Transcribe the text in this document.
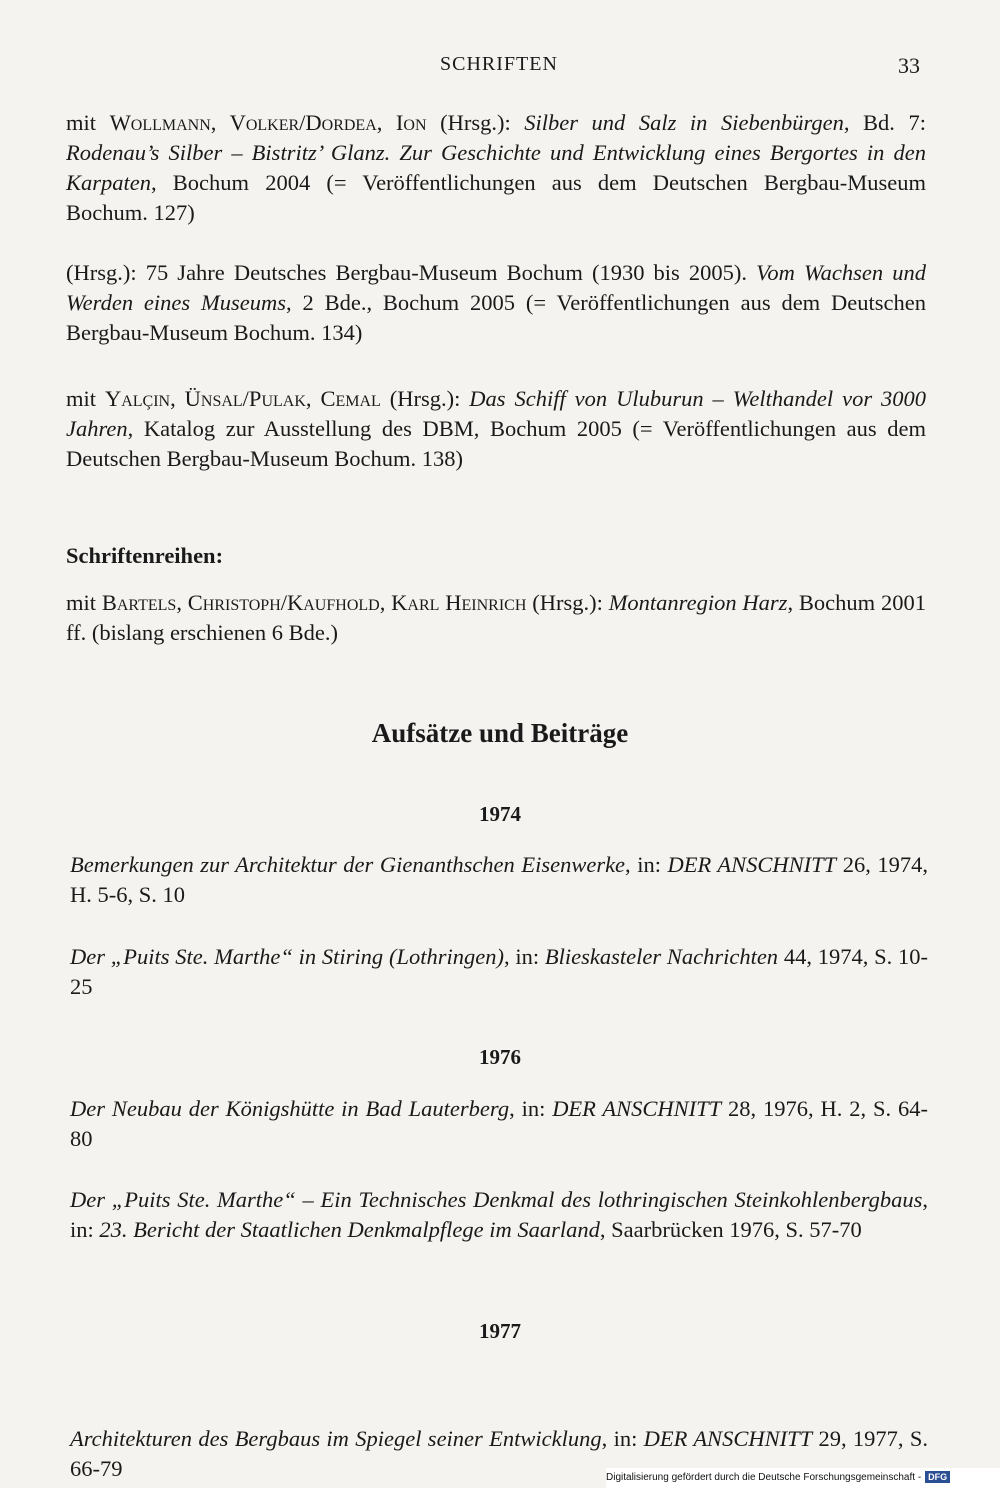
SCHRIFTEN	33
mit Wollmann, Volker/Dordea, Ion (Hrsg.): Silber und Salz in Siebenbürgen, Bd. 7: Rodenau’s Silber – Bistritz’ Glanz. Zur Geschichte und Entwicklung eines Bergortes in den Karpaten, Bochum 2004 (= Veröffentlichungen aus dem Deutschen Bergbau-Museum Bochum. 127)
(Hrsg.): 75 Jahre Deutsches Bergbau-Museum Bochum (1930 bis 2005). Vom Wachsen und Werden eines Museums, 2 Bde., Bochum 2005 (= Veröffentlichungen aus dem Deutschen Bergbau-Museum Bochum. 134)
mit Yalçin, Ünsal/Pulak, Cemal (Hrsg.): Das Schiff von Uluburun – Welthandel vor 3000 Jahren, Katalog zur Ausstellung des DBM, Bochum 2005 (= Veröffentlichungen aus dem Deutschen Bergbau-Museum Bochum. 138)
Schriftenreihen:
mit Bartels, Christoph/Kaufhold, Karl Heinrich (Hrsg.): Montanregion Harz, Bochum 2001 ff. (bislang erschienen 6 Bde.)
Aufsätze und Beiträge
1974
Bemerkungen zur Architektur der Gienanthschen Eisenwerke, in: DER ANSCHNITT 26, 1974, H. 5-6, S. 10
Der „Puits Ste. Marthe“ in Stiring (Lothringen), in: Blieskasteler Nachrichten 44, 1974, S. 10-25
1976
Der Neubau der Königshütte in Bad Lauterberg, in: DER ANSCHNITT 28, 1976, H. 2, S. 64-80
Der „Puits Ste. Marthe“ – Ein Technisches Denkmal des lothringischen Steinkohlenbergbaus, in: 23. Bericht der Staatlichen Denkmalpflege im Saarland, Saarbrücken 1976, S. 57-70
1977
Architekturen des Bergbaus im Spiegel seiner Entwicklung, in: DER ANSCHNITT 29, 1977, S. 66-79	Digitalisierung gefördert durch die Deutsche Forschungsgemeinschaft - DFG
